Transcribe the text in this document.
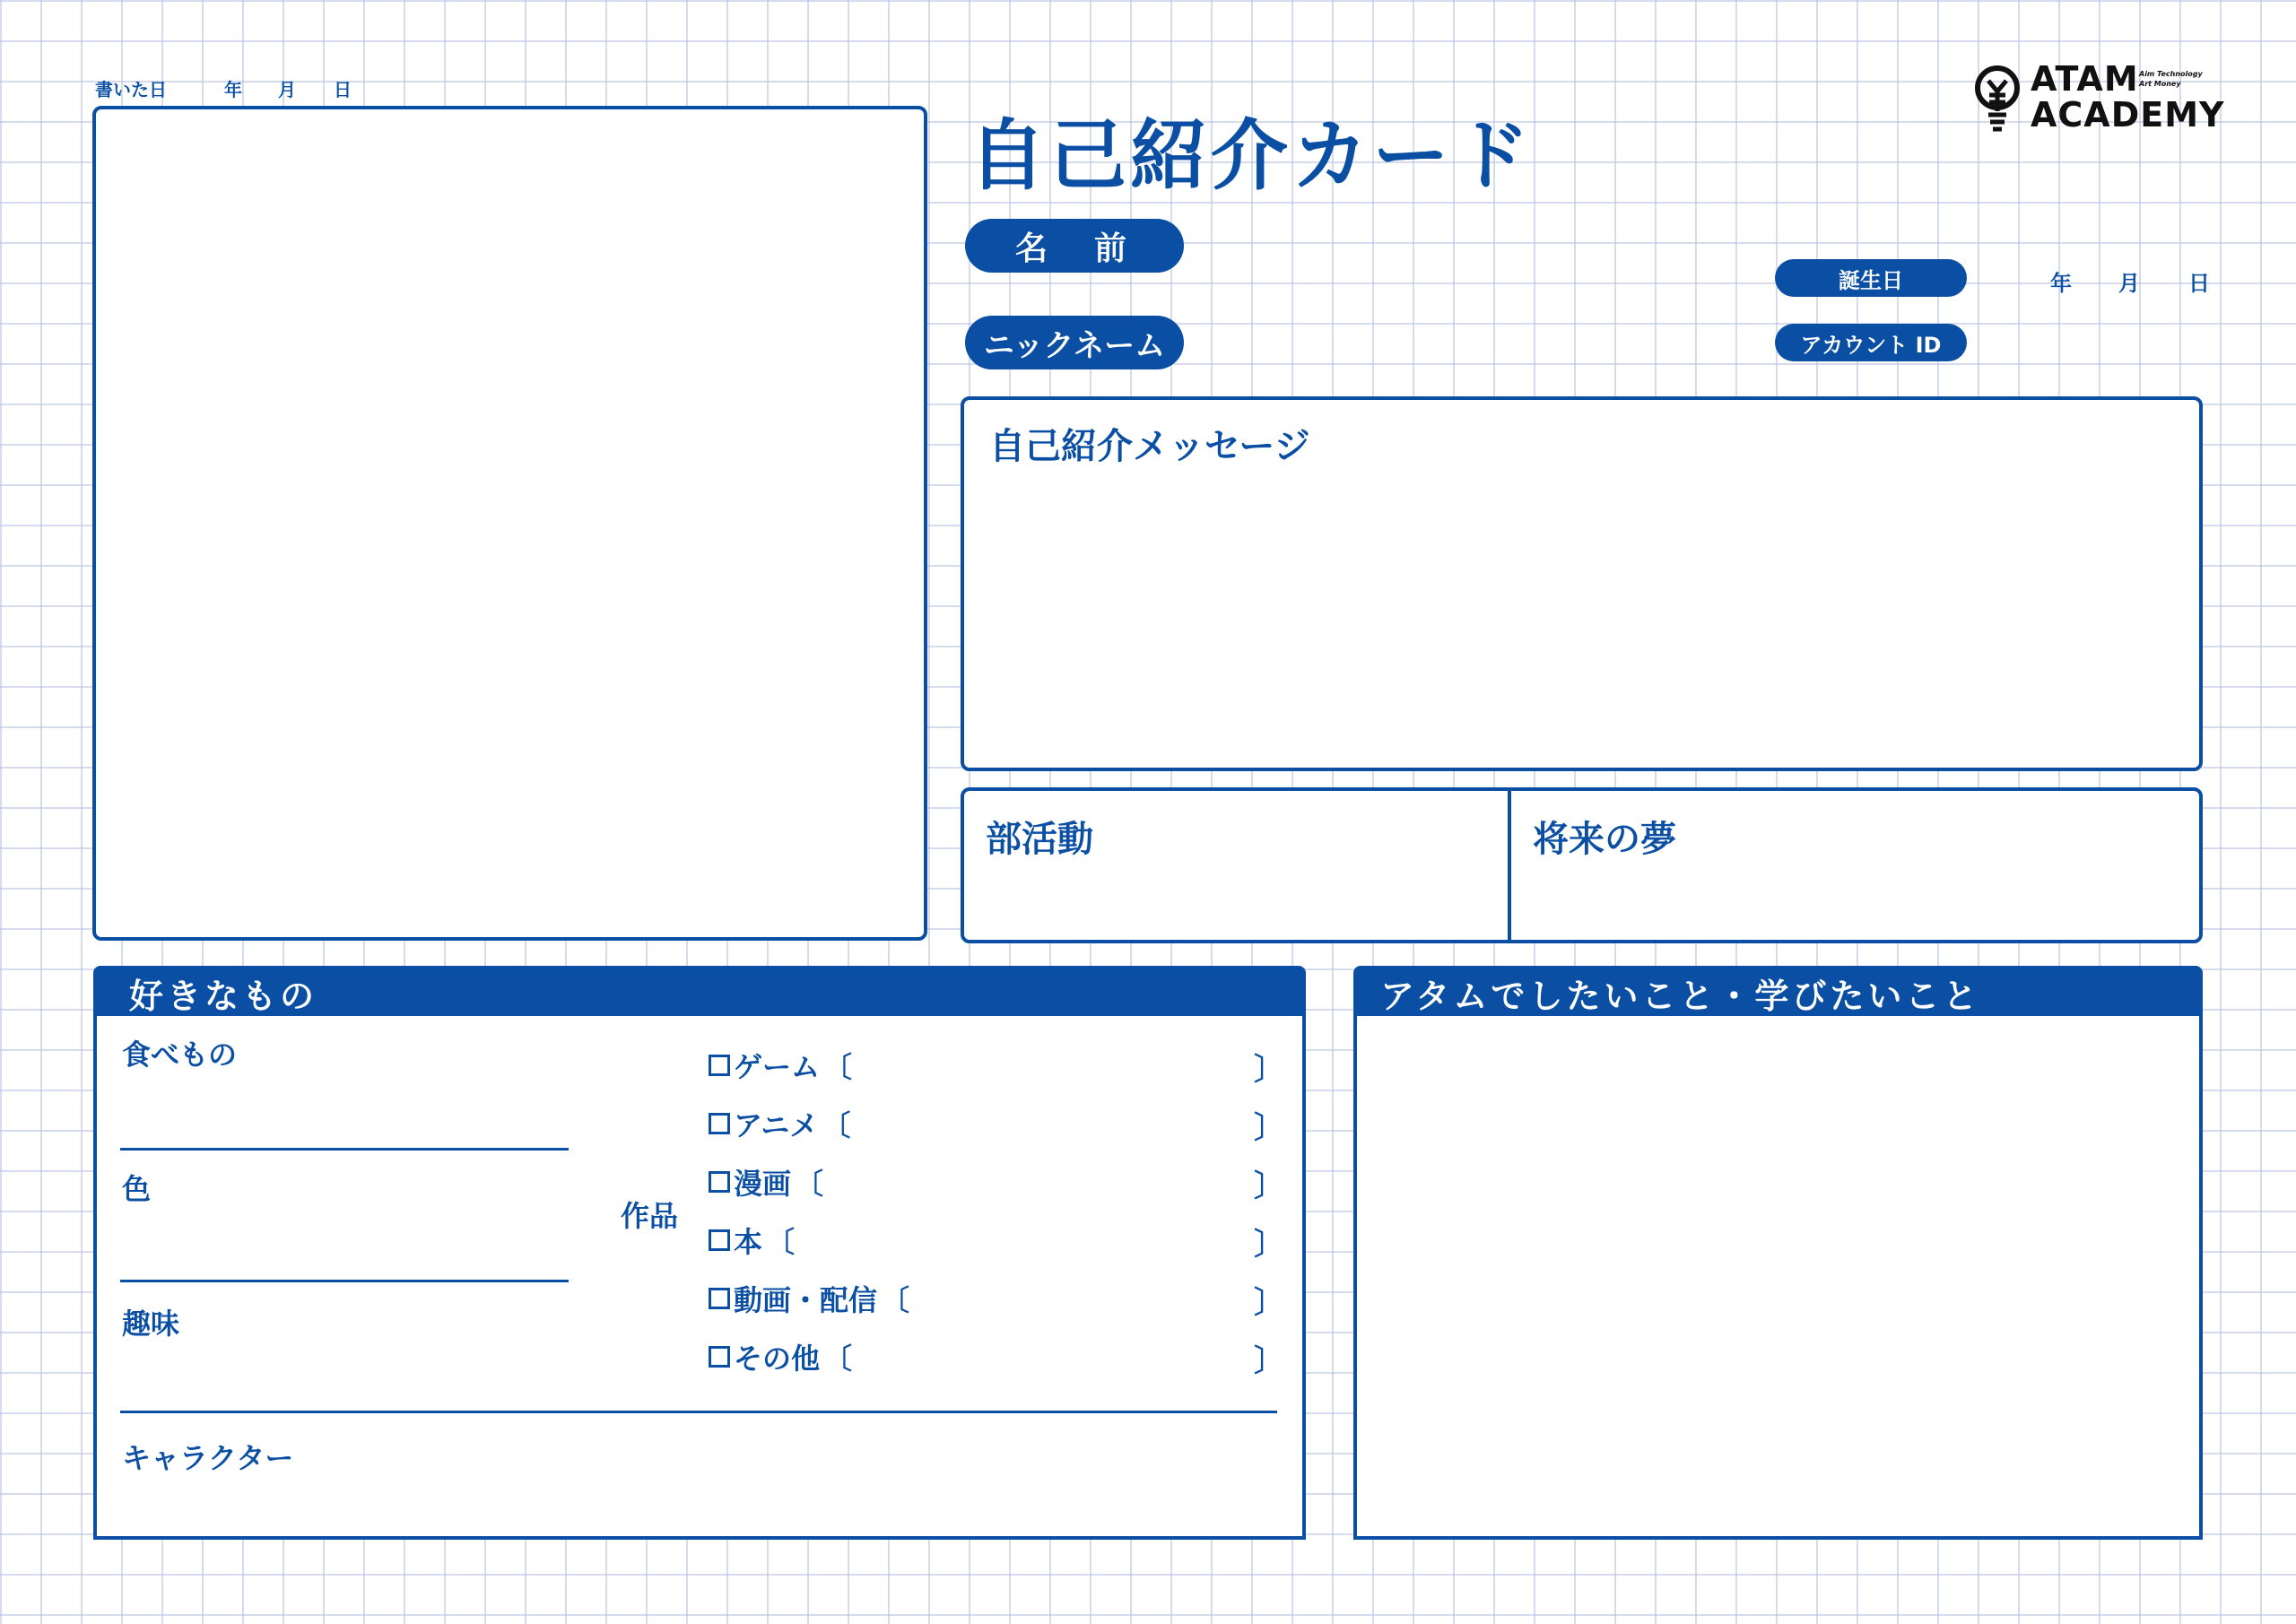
書いた日	年 月 日
自己紹介カード
ATAM
ACADEMY
Aim Technology
Art Money
名　前
ニックネーム
誕生日	年 月 日
アカウント ID
自己紹介メッセージ
部活動	将来の夢
好きなもの
食べもの
色
趣味
キャラクター
作品
ゲーム 〔	〕
アニメ 〔	〕
漫画 〔	〕
本 〔	〕
動画・配信 〔	〕
その他 〔	〕
アタムでしたいこと・学びたいこと
